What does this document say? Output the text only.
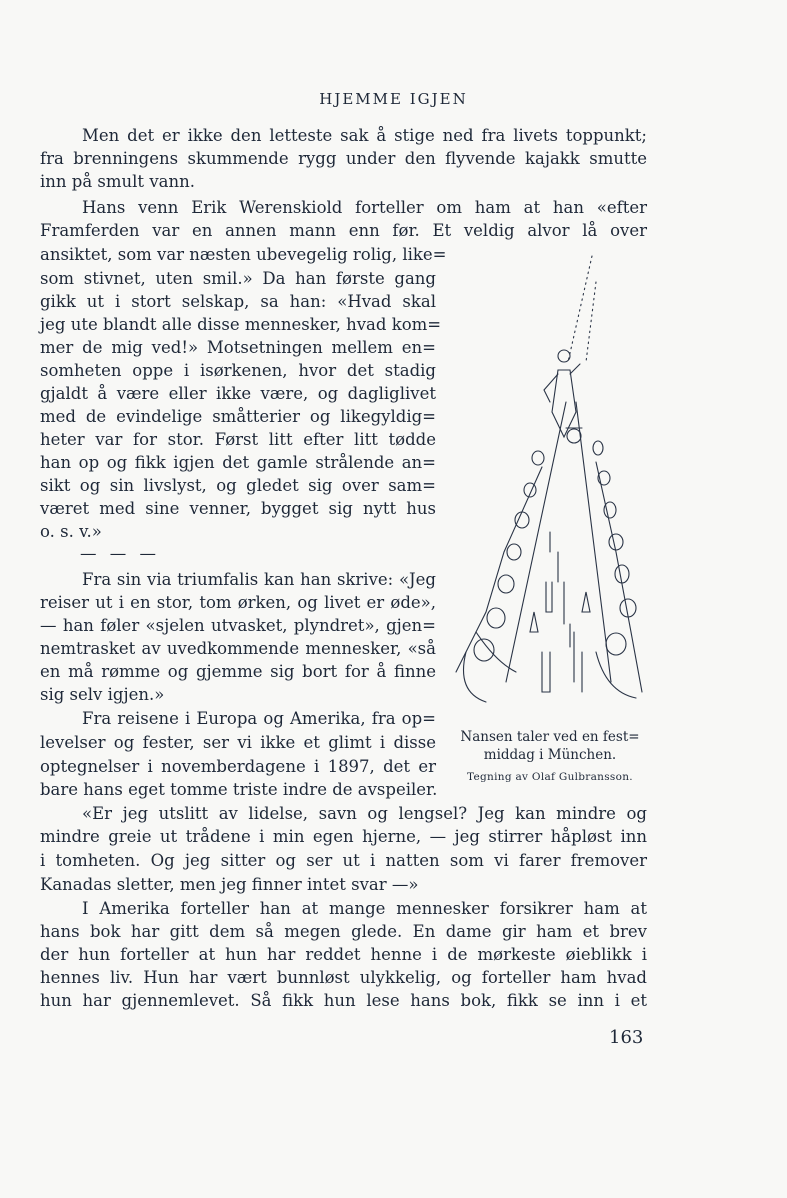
HJEMME IGJEN
Men det er ikke den letteste sak å stige ned fra livets toppunkt;
fra brenningens skummende rygg under den flyvende kajakk smutte
inn på smult vann.
Hans venn Erik Werenskiold forteller om ham at han «efter
Framferden var en annen mann enn før. Et veldig alvor lå over
ansiktet, som var næsten ubevegelig rolig, like=
som stivnet, uten smil.» Da han første gang
gikk ut i stort selskap, sa han: «Hvad skal
jeg ute blandt alle disse mennesker, hvad kom=
mer de mig ved!» Motsetningen mellem en=
somheten oppe i isørkenen, hvor det stadig
gjaldt å være eller ikke være, og dagliglivet
med de evindelige småtterier og likegyldig=
heter var for stor. Først litt efter litt tødde
han op og fikk igjen det gamle strålende an=
sikt og sin livslyst, og gledet sig over sam=
været med sine venner, bygget sig nytt hus
o. s. v.»
— — —
Fra sin via triumfalis kan han skrive: «Jeg
reiser ut i en stor, tom ørken, og livet er øde»,
— han føler «sjelen utvasket, plyndret», gjen=
nemtrasket av uvedkommende mennesker, «så
en må rømme og gjemme sig bort for å finne
sig selv igjen.»
Fra reisene i Europa og Amerika, fra op=
levelser og fester, ser vi ikke et glimt i disse
optegnelser i novemberdagene i 1897, det er
bare hans eget tomme triste indre de avspeiler.
«Er jeg utslitt av lidelse, savn og lengsel? Jeg kan mindre og
mindre greie ut trådene i min egen hjerne, — jeg stirrer håpløst inn
i tomheten. Og jeg sitter og ser ut i natten som vi farer fremover
Kanadas sletter, men jeg finner intet svar —»
I Amerika forteller han at mange mennesker forsikrer ham at
hans bok har gitt dem så megen glede. En dame gir ham et brev
der hun forteller at hun har reddet henne i de mørkeste øieblikk i
hennes liv. Hun har vært bunnløst ulykkelig, og forteller ham hvad
hun har gjennemlevet. Så fikk hun lese hans bok, fikk se inn i et
Nansen taler ved en fest=
middag i München.
Tegning av Olaf Gulbransson.
163
